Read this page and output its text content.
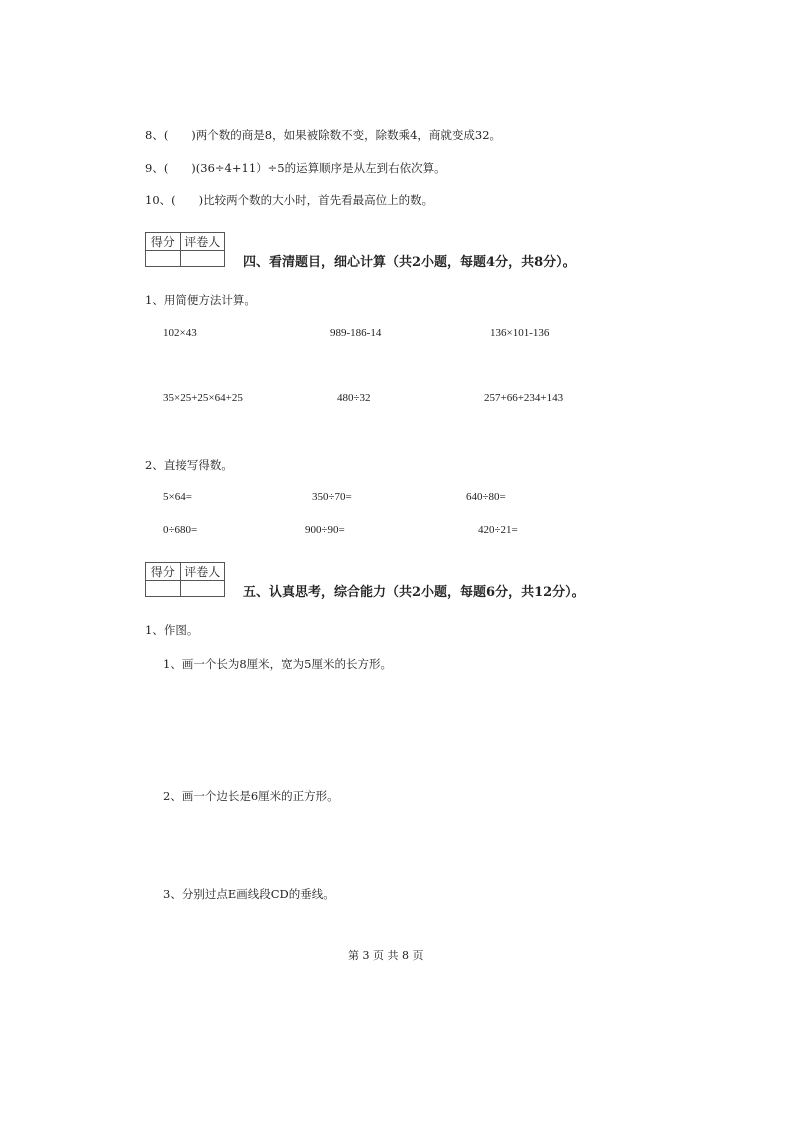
8、(　　)两个数的商是8，如果被除数不变，除数乘4，商就变成32。
9、(　　)(36÷4+11）÷5的运算顺序是从左到右依次算。
10、(　　)比较两个数的大小时，首先看最高位上的数。
得分	评卷人

四、看清题目，细心计算（共2小题，每题4分，共8分）。
1、用简便方法计算。
102×43	989-186-14	136×101-136
35×25+25×64+25	480÷32	257+66+234+143
2、直接写得数。
5×64=	350÷70=	640÷80=
0÷680=	900÷90=	420÷21=
得分	评卷人

五、认真思考，综合能力（共2小题，每题6分，共12分）。
1、作图。
1、画一个长为8厘米，宽为5厘米的长方形。
2、画一个边长是6厘米的正方形。
3、分别过点E画线段CD的垂线。
第 3 页 共 8 页
